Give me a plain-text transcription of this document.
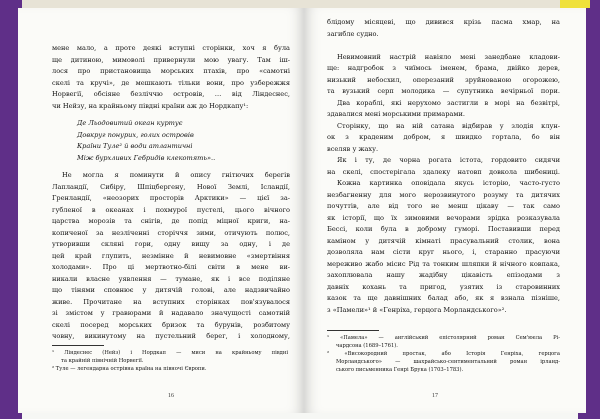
мене мало, а проте деякі вступні сторінки, хоч я була
ще дитиною, мимоволі привернули мою увагу. Там іш-
лося про пристановища морських птахів, про «самотні
скелі та кручі», де мешкають тільки вони, про узбережжя
Норвегії, обсіяне безліччю островів, … від Ліндеснес,
чи Нейзу, на крайньому півдні країни аж до Нордкапу¹:
Де Льодовитий океан куртує
Довкруг понурих, голих островів
Країни Туле² й води атлантичні
Між бурхливих Гебридів клекотять»..
Не могла я поминути й опису гнітючих берегів
Лапландії, Сибіру, Шпіцбергену, Нової Землі, Ісландії,
Гренландії, «неозорих просторів Арктики» — цієї за-
губленої в океанах і похмурої пустелі, цього вічного
царства морозів та снігів, де попід міцної криги, на-
копиченої за незліченні сторіччя зими, отичують полюс,
утворивши скляні гори, одну вищу за одну, і де
цей край глупить, незмінне й невимовне «змертвіння
холодами». Про ці мертвотно-білі світи в мене ви-
никали власне уявлення — тумане, як і все поділяне
що тінями сповнює у дитячій голові, але надзвичайно
живе. Прочитане на вступних сторінках пов'язувалося
зі змістом у гравюрами й надавало значущості самотній
скелі посеред морських бризок та бурунів, розбитому
човну, викинутому на пустельний берег, і холодному,
¹ Ліндеснес (Нейз) і Нордкап — миси на крайньому півдні
та крайній північній Норвегії.
² Туле — легендарна острівна країна на півночі Європи.
16
блідому місяцеві, що дивився крізь пасма хмар, на
загибле судно.
Невимовний настрій навіяло мені занедбане кладови-
ще: надгробок з чиїмось іменем, брама, двійко дерев,
низький небосхил, оперезаний зруйнованою огорожею,
та вузький серп молодика — супутника вечірньої пори.
Два кораблі, які нерухомо застигли в морі на безвітрі,
здавалися мені морськими примарами.
Сторінку, що на ній сатана відбирав у злодія клун-
ок з краденим добром, я швидко гортала, бо він
вселяв у жаху.
Як і ту, де чорна рогата істота, гордовито сидячи
на скелі, спостерігала здалеку натовп довкола шибениці.
Кожна картинка оповідала якусь історію, часто-густо
незбагненну для мого нерозвинутого розуму та дитячих
почуттів, але від того не менш цікаву — так само
як історії, що їх зимовими вечорами зрідка розказувала
Бессі, коли була в доброму гуморі. Поставивши перед
каміном у дитячій кімнаті прасувальний столик, вона
дозволяла нам сісти круг нього, і, старанно прасуючи
мереживо жабо місис Рід та тонким шляпки й нічного ковпака,
захоплювала нашу жадібну цікавість епізодами з
давніх кохань та пригод, узятих із старовинних
казок та ще давнішних балад або, як я взнала пізніше,
з «Памели»¹ й «Генріха, герцога Морландського»².
¹ «Памела» — англійський епістолярний роман Сем'юела Рі-
чардсона (1689–1761).
² «Високородний простак, або Історія Генріха, герцога
Морландського» — шахрайсько-сентиментальний роман ірланд-
ського письменника Генрі Брука (1703–1783).
17
